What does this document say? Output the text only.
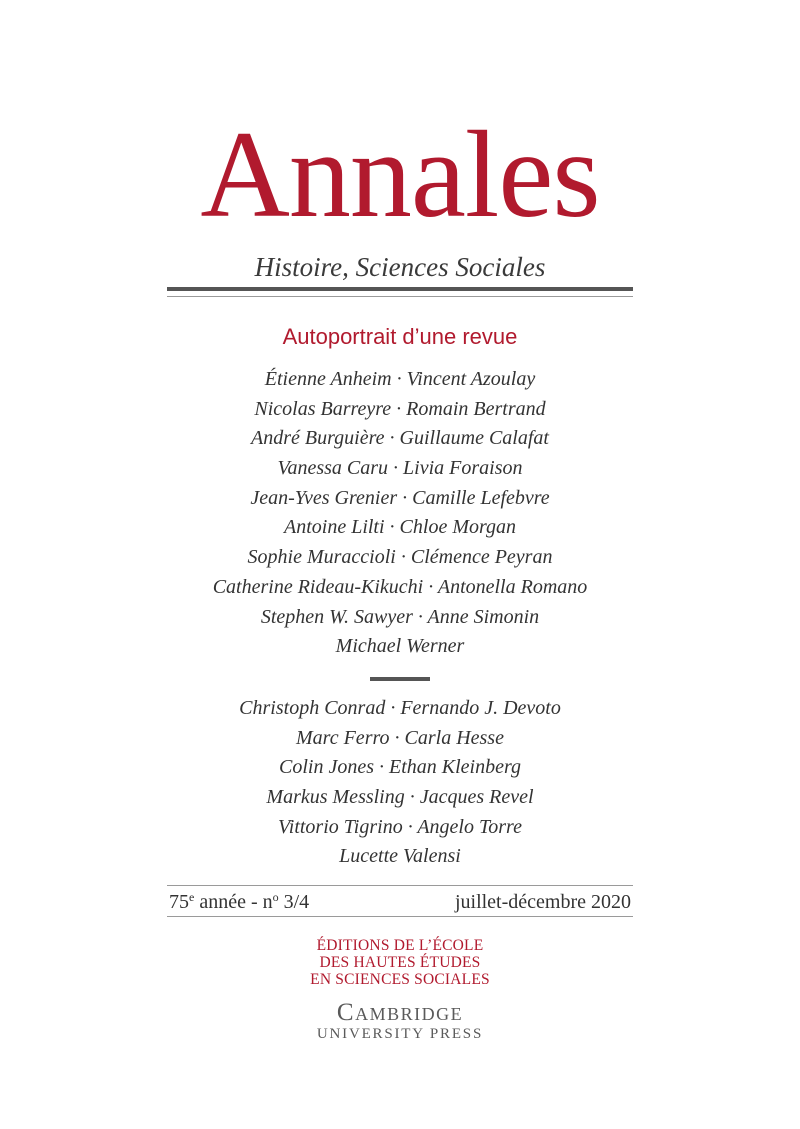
Annales
Histoire, Sciences Sociales
Autoportrait d’une revue
Étienne Anheim · Vincent Azoulay
Nicolas Barreyre · Romain Bertrand
André Burguière · Guillaume Calafat
Vanessa Caru · Livia Foraison
Jean-Yves Grenier · Camille Lefebvre
Antoine Lilti · Chloe Morgan
Sophie Muraccioli · Clémence Peyran
Catherine Rideau-Kikuchi · Antonella Romano
Stephen W. Sawyer · Anne Simonin
Michael Werner
Christoph Conrad · Fernando J. Devoto
Marc Ferro · Carla Hesse
Colin Jones · Ethan Kleinberg
Markus Messling · Jacques Revel
Vittorio Tigrino · Angelo Torre
Lucette Valensi
75e année - $n^o$ 3/4	juillet-décembre 2020
ÉDITIONS DE L’ÉCOLE
DES HAUTES ÉTUDES
EN SCIENCES SOCIALES
Cambridge
UNIVERSITY PRESS
